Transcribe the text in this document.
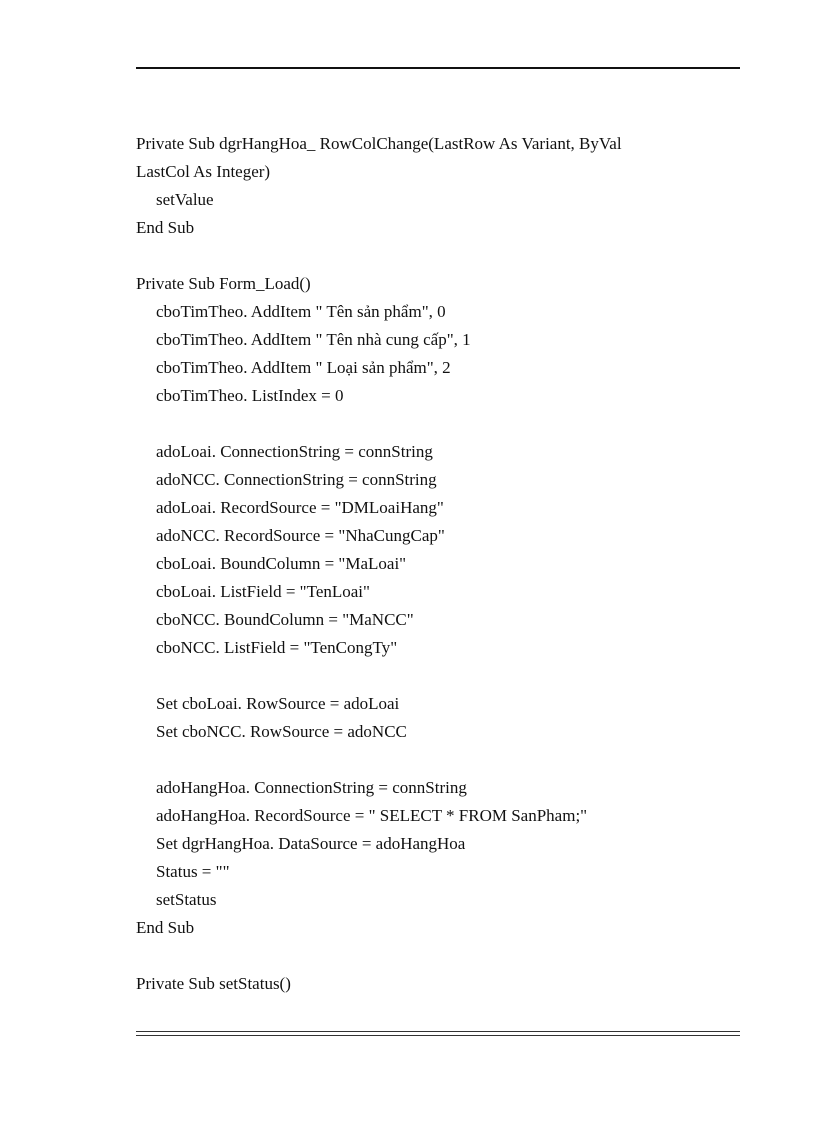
Private Sub dgrHangHoa_ RowColChange(LastRow As Variant, ByVal
LastCol As Integer)
setValue
End Sub
Private Sub Form_Load()
cboTimTheo. AddItem " Tên sản phẩm", 0
cboTimTheo. AddItem " Tên nhà cung cấp", 1
cboTimTheo. AddItem " Loại sản phẩm", 2
cboTimTheo. ListIndex = 0
adoLoai. ConnectionString = connString
adoNCC. ConnectionString = connString
adoLoai. RecordSource = "DMLoaiHang"
adoNCC. RecordSource = "NhaCungCap"
cboLoai. BoundColumn = "MaLoai"
cboLoai. ListField = "TenLoai"
cboNCC. BoundColumn = "MaNCC"
cboNCC. ListField = "TenCongTy"
Set cboLoai. RowSource = adoLoai
Set cboNCC. RowSource = adoNCC
adoHangHoa. ConnectionString = connString
adoHangHoa. RecordSource = " SELECT * FROM SanPham;"
Set dgrHangHoa. DataSource = adoHangHoa
Status = ""
setStatus
End Sub
Private Sub setStatus()
